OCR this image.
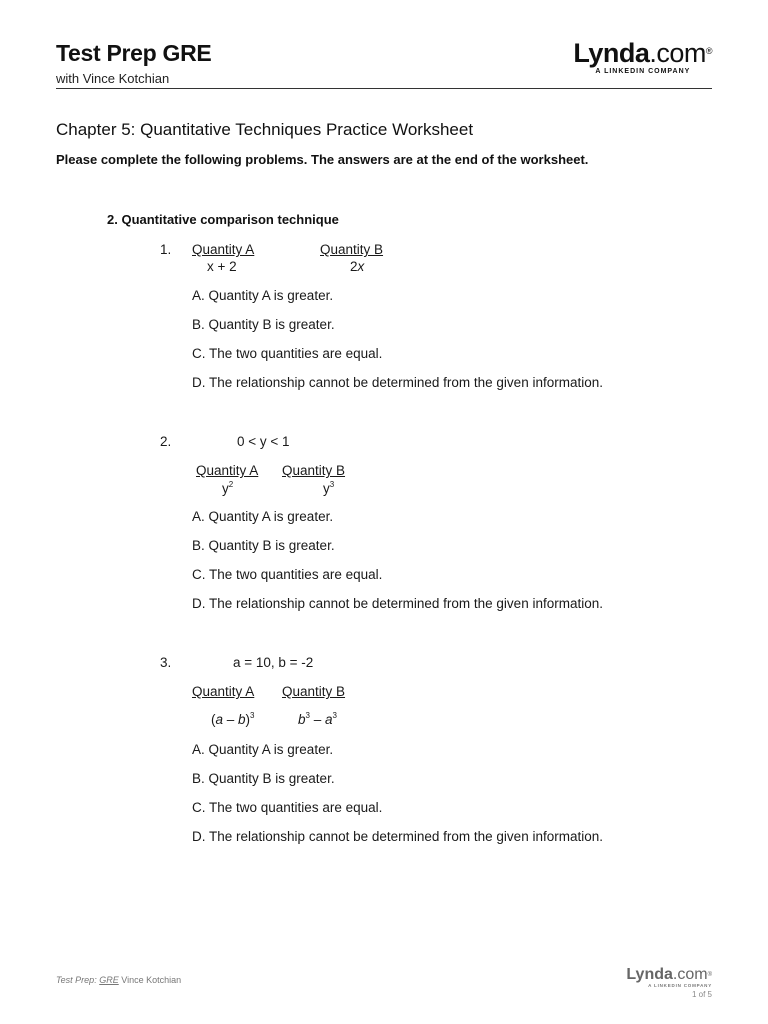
Test Prep GRE
with Vince Kotchian
Lynda.com®
A LINKEDIN COMPANY
Chapter 5: Quantitative Techniques Practice Worksheet
Please complete the following problems. The answers are at the end of the worksheet.
2. Quantitative comparison technique
1. Quantity A	Quantity B
x + 2	2x
A. Quantity A is greater.
B. Quantity B is greater.
C. The two quantities are equal.
D. The relationship cannot be determined from the given information.
2.	0 < y < 1
Quantity A Quantity B
$y^2$	$y^3$
A. Quantity A is greater.
B. Quantity B is greater.
C. The two quantities are equal.
D. The relationship cannot be determined from the given information.
3.	a = 10, b = -2
Quantity A Quantity B
(a – b)$^3$	$b^3 - a^3$
A. Quantity A is greater.
B. Quantity B is greater.
C. The two quantities are equal.
D. The relationship cannot be determined from the given information.
Test Prep: GRE Vince Kotchian	Lynda.com®
A LINKEDIN COMPANY
1 of 5
